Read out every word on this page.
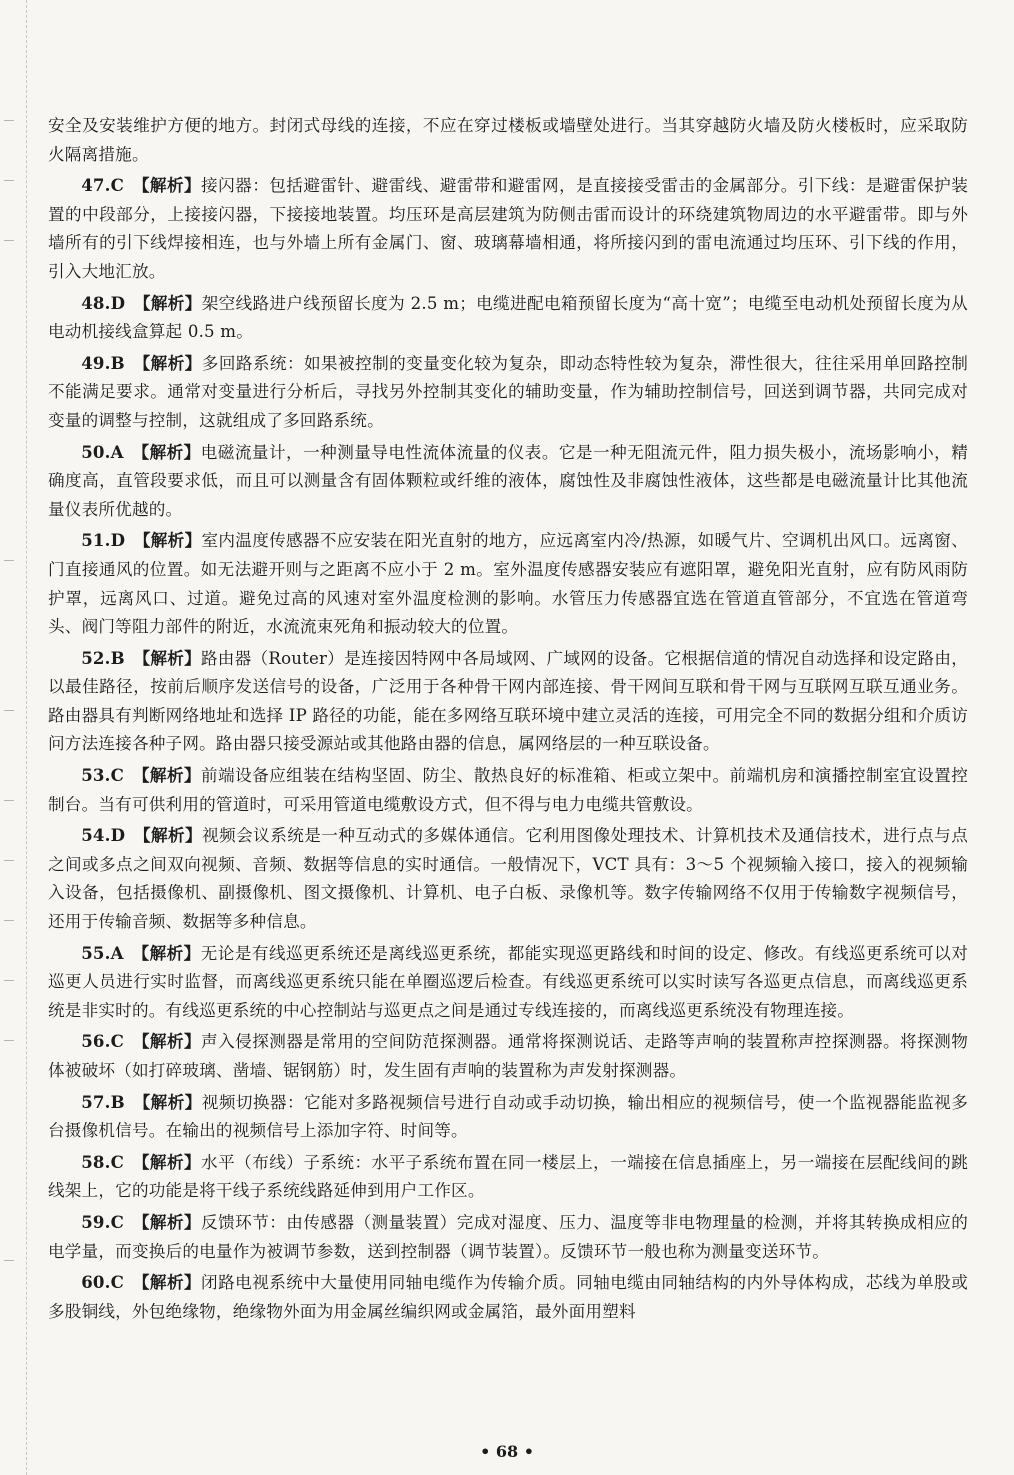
安全及安装维护方便的地方。封闭式母线的连接，不应在穿过楼板或墙壁处进行。当其穿越防火墙及防火楼板时，应采取防火隔离措施。

47.C  【解析】接闪器：包括避雷针、避雷线、避雷带和避雷网，是直接接受雷击的金属部分。引下线：是避雷保护装置的中段部分，上接接闪器，下接接地装置。均压环是高层建筑为防侧击雷而设计的环绕建筑物周边的水平避雷带。即与外墙所有的引下线焊接相连，也与外墙上所有金属门、窗、玻璃幕墙相通，将所接闪到的雷电流通过均压环、引下线的作用，引入大地汇放。

48.D  【解析】架空线路进户线预留长度为 2.5 m；电缆进配电箱预留长度为“高十宽”；电缆至电动机处预留长度为从电动机接线盒算起 0.5 m。

49.B  【解析】多回路系统：如果被控制的变量变化较为复杂，即动态特性较为复杂，滞性很大，往往采用单回路控制不能满足要求。通常对变量进行分析后，寻找另外控制其变化的辅助变量，作为辅助控制信号，回送到调节器，共同完成对变量的调整与控制，这就组成了多回路系统。

50.A  【解析】电磁流量计，一种测量导电性流体流量的仪表。它是一种无阻流元件，阻力损失极小，流场影响小，精确度高，直管段要求低，而且可以测量含有固体颗粒或纤维的液体，腐蚀性及非腐蚀性液体，这些都是电磁流量计比其他流量仪表所优越的。

51.D  【解析】室内温度传感器不应安装在阳光直射的地方，应远离室内冷/热源，如暖气片、空调机出风口。远离窗、门直接通风的位置。如无法避开则与之距离不应小于 2 m。室外温度传感器安装应有遮阳罩，避免阳光直射，应有防风雨防护罩，远离风口、过道。避免过高的风速对室外温度检测的影响。水管压力传感器宜选在管道直管部分，不宜选在管道弯头、阀门等阻力部件的附近，水流流束死角和振动较大的位置。

52.B  【解析】路由器（Router）是连接因特网中各局域网、广域网的设备。它根据信道的情况自动选择和设定路由，以最佳路径，按前后顺序发送信号的设备，广泛用于各种骨干网内部连接、骨干网间互联和骨干网与互联网互联互通业务。路由器具有判断网络地址和选择 IP 路径的功能，能在多网络互联环境中建立灵活的连接，可用完全不同的数据分组和介质访问方法连接各种子网。路由器只接受源站或其他路由器的信息，属网络层的一种互联设备。

53.C  【解析】前端设备应组装在结构坚固、防尘、散热良好的标准箱、柜或立架中。前端机房和演播控制室宜设置控制台。当有可供利用的管道时，可采用管道电缆敷设方式，但不得与电力电缆共管敷设。

54.D  【解析】视频会议系统是一种互动式的多媒体通信。它利用图像处理技术、计算机技术及通信技术，进行点与点之间或多点之间双向视频、音频、数据等信息的实时通信。一般情况下，VCT 具有：3～5 个视频输入接口，接入的视频输入设备，包括摄像机、副摄像机、图文摄像机、计算机、电子白板、录像机等。数字传输网络不仅用于传输数字视频信号，还用于传输音频、数据等多种信息。

55.A  【解析】无论是有线巡更系统还是离线巡更系统，都能实现巡更路线和时间的设定、修改。有线巡更系统可以对巡更人员进行实时监督，而离线巡更系统只能在单圈巡逻后检查。有线巡更系统可以实时读写各巡更点信息，而离线巡更系统是非实时的。有线巡更系统的中心控制站与巡更点之间是通过专线连接的，而离线巡更系统没有物理连接。

56.C  【解析】声入侵探测器是常用的空间防范探测器。通常将探测说话、走路等声响的装置称声控探测器。将探测物体被破坏（如打碎玻璃、凿墙、锯钢筋）时，发生固有声响的装置称为声发射探测器。

57.B  【解析】视频切换器：它能对多路视频信号进行自动或手动切换，输出相应的视频信号，使一个监视器能监视多台摄像机信号。在输出的视频信号上添加字符、时间等。

58.C  【解析】水平（布线）子系统：水平子系统布置在同一楼层上，一端接在信息插座上，另一端接在层配线间的跳线架上，它的功能是将干线子系统线路延伸到用户工作区。

59.C  【解析】反馈环节：由传感器（测量装置）完成对湿度、压力、温度等非电物理量的检测，并将其转换成相应的电学量，而变换后的电量作为被调节参数，送到控制器（调节装置）。反馈环节一般也称为测量变送环节。

60.C  【解析】闭路电视系统中大量使用同轴电缆作为传输介质。同轴电缆由同轴结构的内外导体构成，芯线为单股或多股铜线，外包绝缘物，绝缘物外面为用金属丝编织网或金属箔，最外面用塑料

• 68 •
